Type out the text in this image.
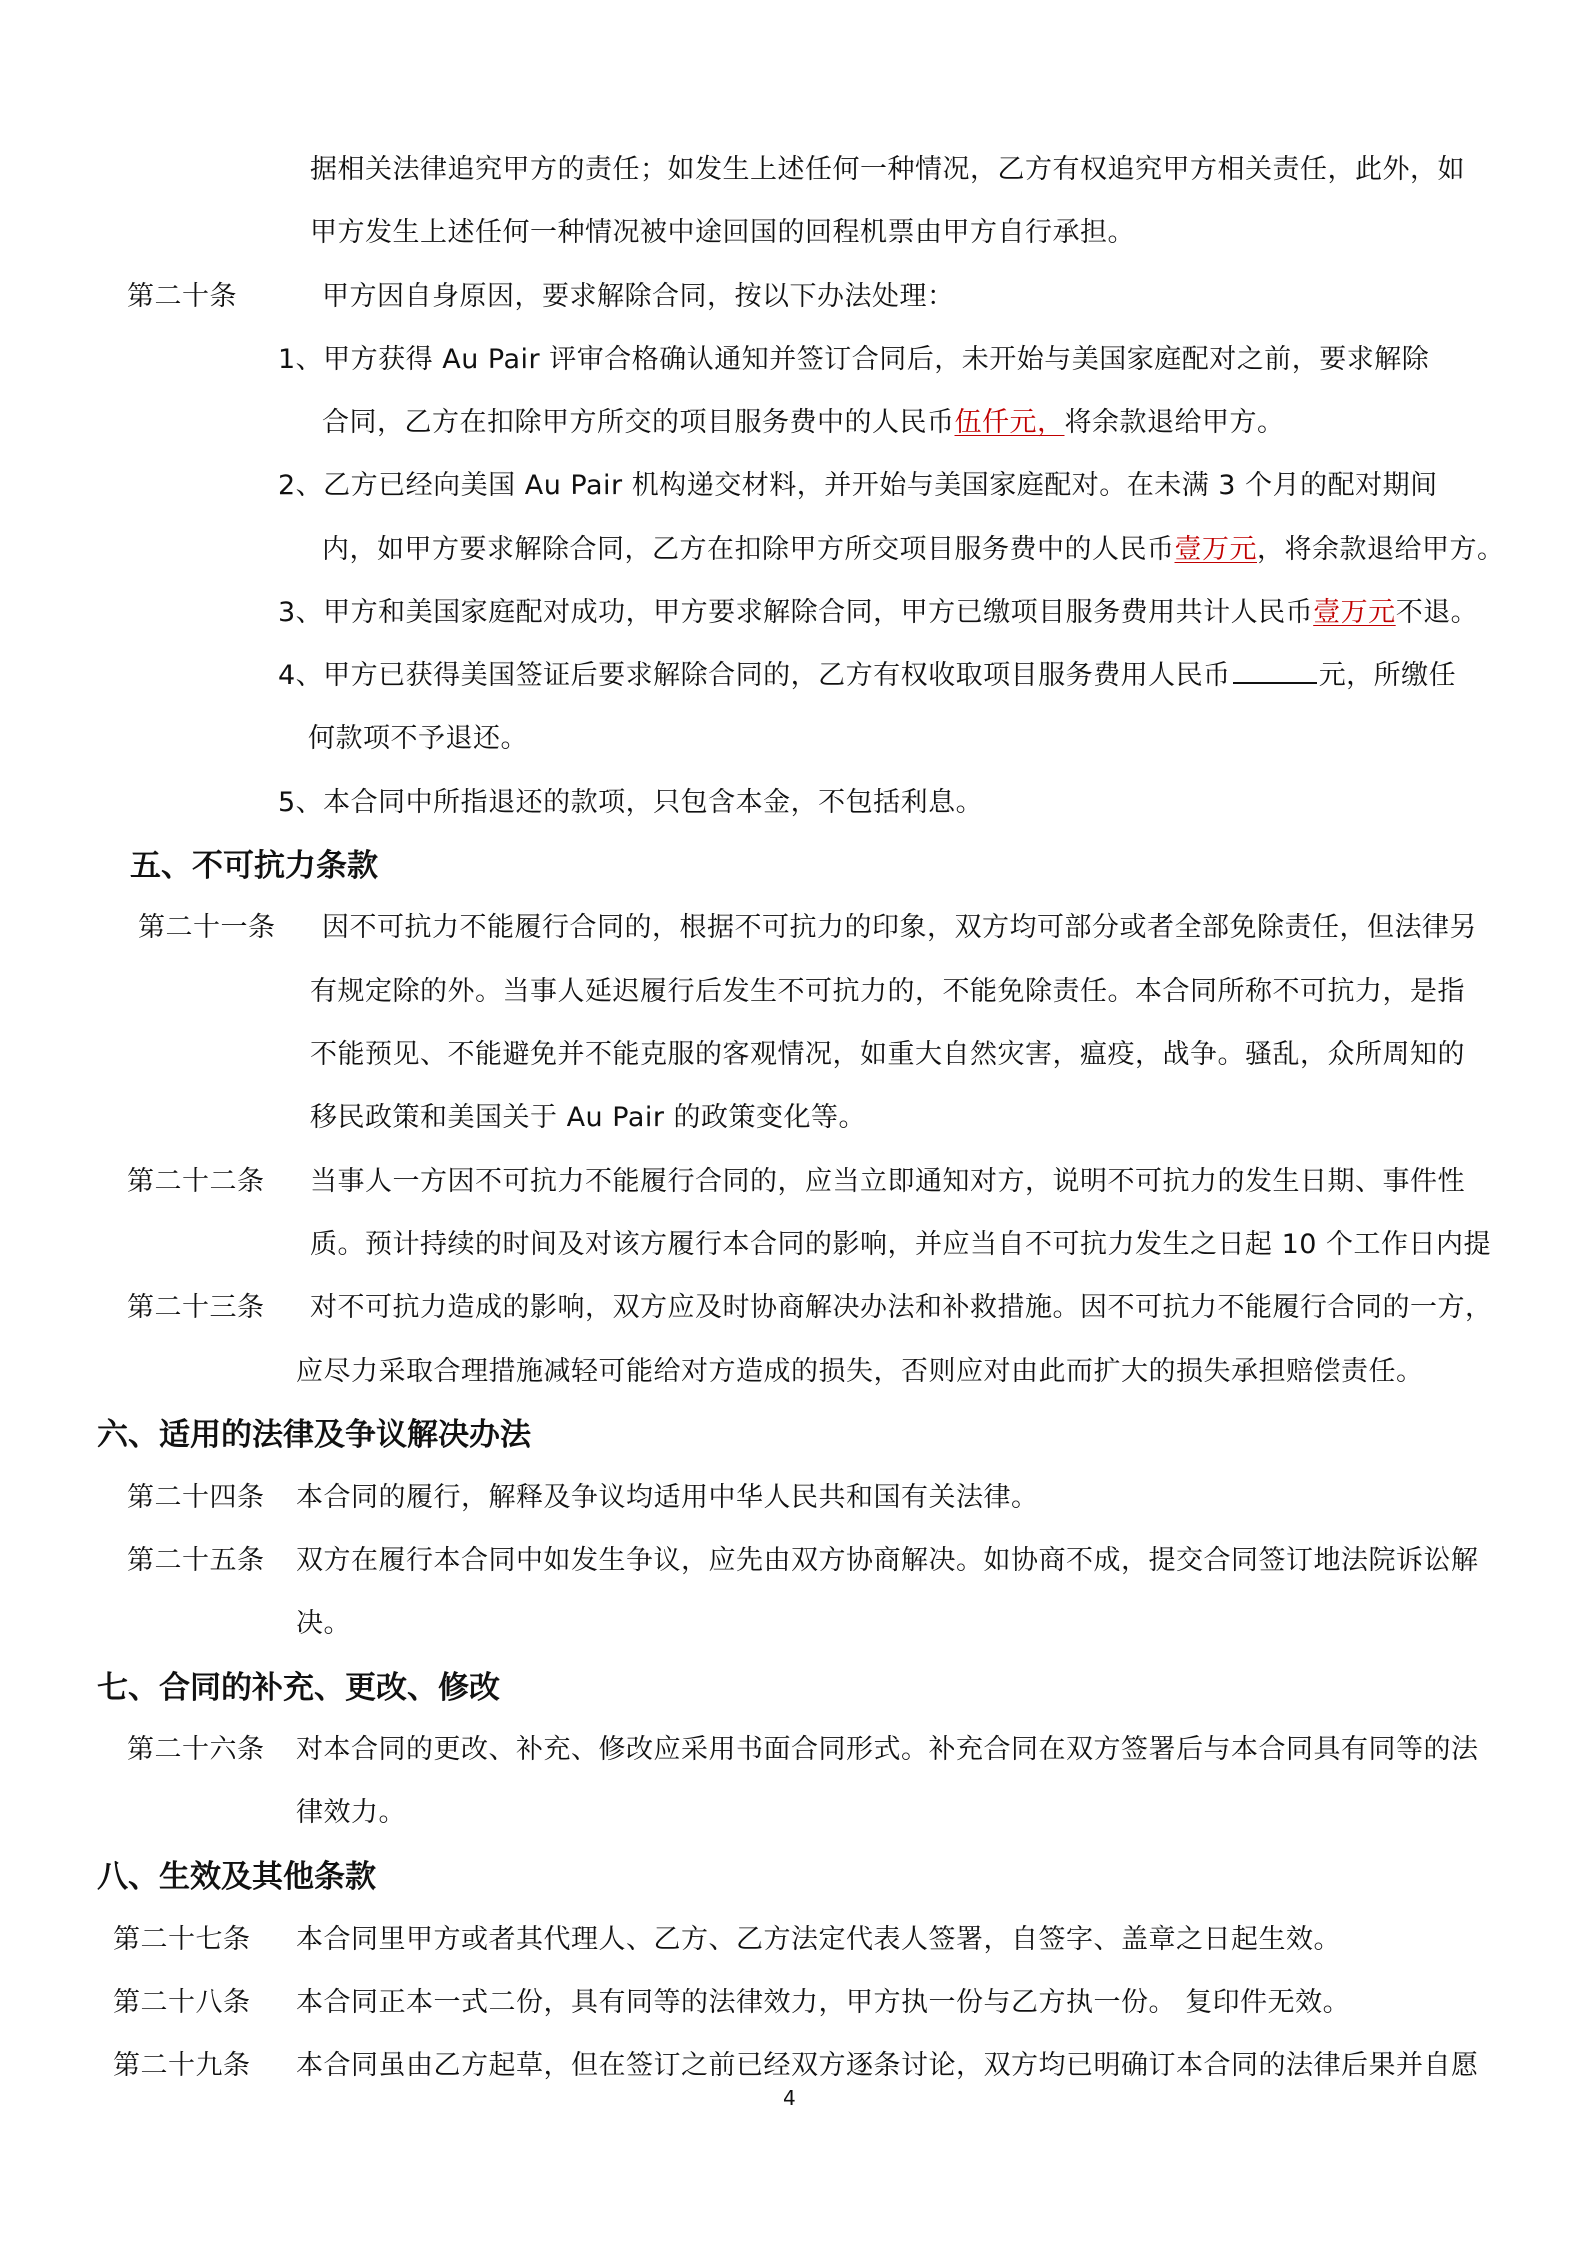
据相关法律追究甲方的责任；如发生上述任何一种情况，乙方有权追究甲方相关责任，此外，如
甲方发生上述任何一种情况被中途回国的回程机票由甲方自行承担。
第二十条	甲方因自身原因，要求解除合同，按以下办法处理：
1、甲方获得 Au Pair 评审合格确认通知并签订合同后，未开始与美国家庭配对之前，要求解除
合同，乙方在扣除甲方所交的项目服务费中的人民币伍仟元，将余款退给甲方。
2、乙方已经向美国 Au Pair 机构递交材料，并开始与美国家庭配对。在未满 3 个月的配对期间
内，如甲方要求解除合同，乙方在扣除甲方所交项目服务费中的人民币壹万元，将余款退给甲方。
3、甲方和美国家庭配对成功，甲方要求解除合同，甲方已缴项目服务费用共计人民币壹万元不退。
4、甲方已获得美国签证后要求解除合同的，乙方有权收取项目服务费用人民币	元，所缴任
何款项不予退还。
5、本合同中所指退还的款项，只包含本金，不包括利息。
五、不可抗力条款
第二十一条 因不可抗力不能履行合同的，根据不可抗力的印象，双方均可部分或者全部免除责任，但法律另
有规定除的外。当事人延迟履行后发生不可抗力的，不能免除责任。本合同所称不可抗力，是指
不能预见、不能避免并不能克服的客观情况，如重大自然灾害，瘟疫，战争。骚乱，众所周知的
移民政策和美国关于 Au Pair 的政策变化等。
第二十二条 当事人一方因不可抗力不能履行合同的，应当立即通知对方，说明不可抗力的发生日期、事件性
质。预计持续的时间及对该方履行本合同的影响，并应当自不可抗力发生之日起 10 个工作日内提
第二十三条 对不可抗力造成的影响，双方应及时协商解决办法和补救措施。因不可抗力不能履行合同的一方，
应尽力采取合理措施减轻可能给对方造成的损失，否则应对由此而扩大的损失承担赔偿责任。
六、适用的法律及争议解决办法
第二十四条 本合同的履行，解释及争议均适用中华人民共和国有关法律。
第二十五条 双方在履行本合同中如发生争议，应先由双方协商解决。如协商不成，提交合同签订地法院诉讼解
决。
七、合同的补充、更改、修改
第二十六条 对本合同的更改、补充、修改应采用书面合同形式。补充合同在双方签署后与本合同具有同等的法
律效力。
八、生效及其他条款
第二十七条 本合同里甲方或者其代理人、乙方、乙方法定代表人签署，自签字、盖章之日起生效。
第二十八条 本合同正本一式二份，具有同等的法律效力，甲方执一份与乙方执一份。 复印件无效。
第二十九条 本合同虽由乙方起草，但在签订之前已经双方逐条讨论，双方均已明确订本合同的法律后果并自愿
4
